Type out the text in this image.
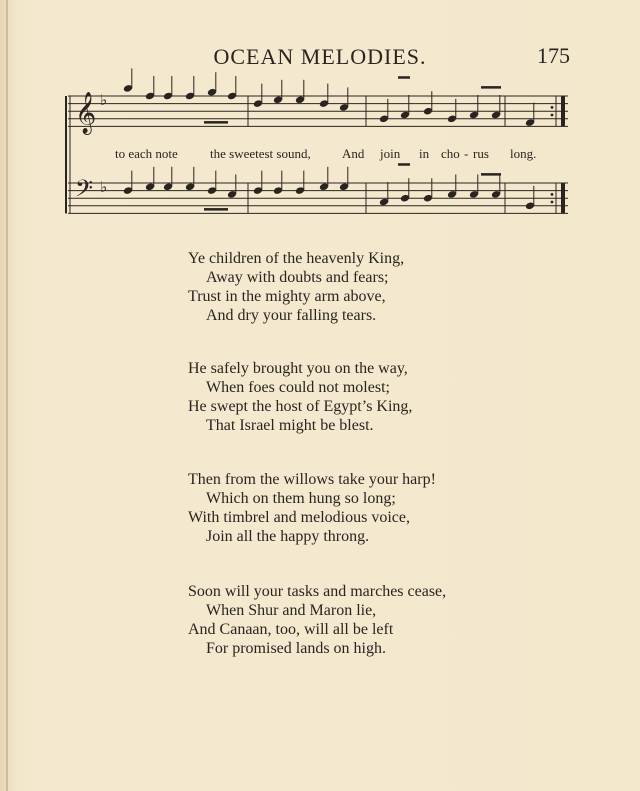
OCEAN MELODIES.	175
𝄞 ♭
𝄢 ♭
to each note the sweetest sound, And join in cho - rus long.
Ye children of the heavenly King,
Away with doubts and fears;
Trust in the mighty arm above,
And dry your falling tears.
He safely brought you on the way,
When foes could not molest;
He swept the host of Egypt’s King,
That Israel might be blest.
Then from the willows take your harp!
Which on them hung so long;
With timbrel and melodious voice,
Join all the happy throng.
Soon will your tasks and marches cease,
When Shur and Maron lie,
And Canaan, too, will all be left
For promised lands on high.
